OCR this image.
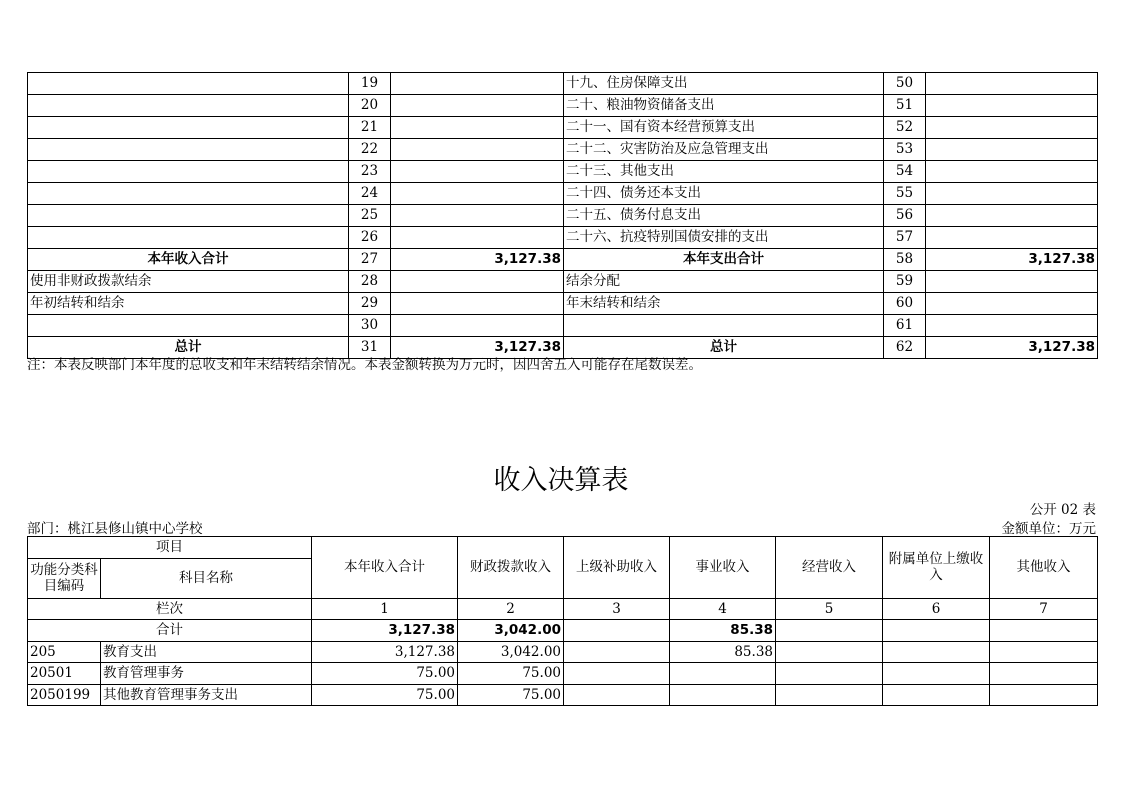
	19		十九、住房保障支出	50	
	20		二十、粮油物资储备支出	51	
	21		二十一、国有资本经营预算支出	52	
	22		二十二、灾害防治及应急管理支出	53	
	23		二十三、其他支出	54	
	24		二十四、债务还本支出	55	
	25		二十五、债务付息支出	56	
	26		二十六、抗疫特别国债安排的支出	57	
本年收入合计	27	3,127.38	本年支出合计	58	3,127.38
使用非财政拨款结余	28		结余分配	59	
年初结转和结余	29		年末结转和结余	60	
	30			61	
总计	31	3,127.38	总计	62	3,127.38
注：本表反映部门本年度的总收支和年末结转结余情况。本表金额转换为万元时，因四舍五入可能存在尾数误差。
收入决算表
公开 02 表
部门：桃江县修山镇中心学校	金额单位：万元
项目		本年收入合计	财政拨款收入	上级补助收入	事业收入	经营收入	附属单位上缴收入	其他收入
功能分类科目编码	科目名称							
栏次		1	2	3	4	5	6	7
合计		3,127.38	3,042.00		85.38			
205	教育支出	3,127.38	3,042.00		85.38			
20501	教育管理事务	75.00	75.00					
2050199	其他教育管理事务支出	75.00	75.00					
